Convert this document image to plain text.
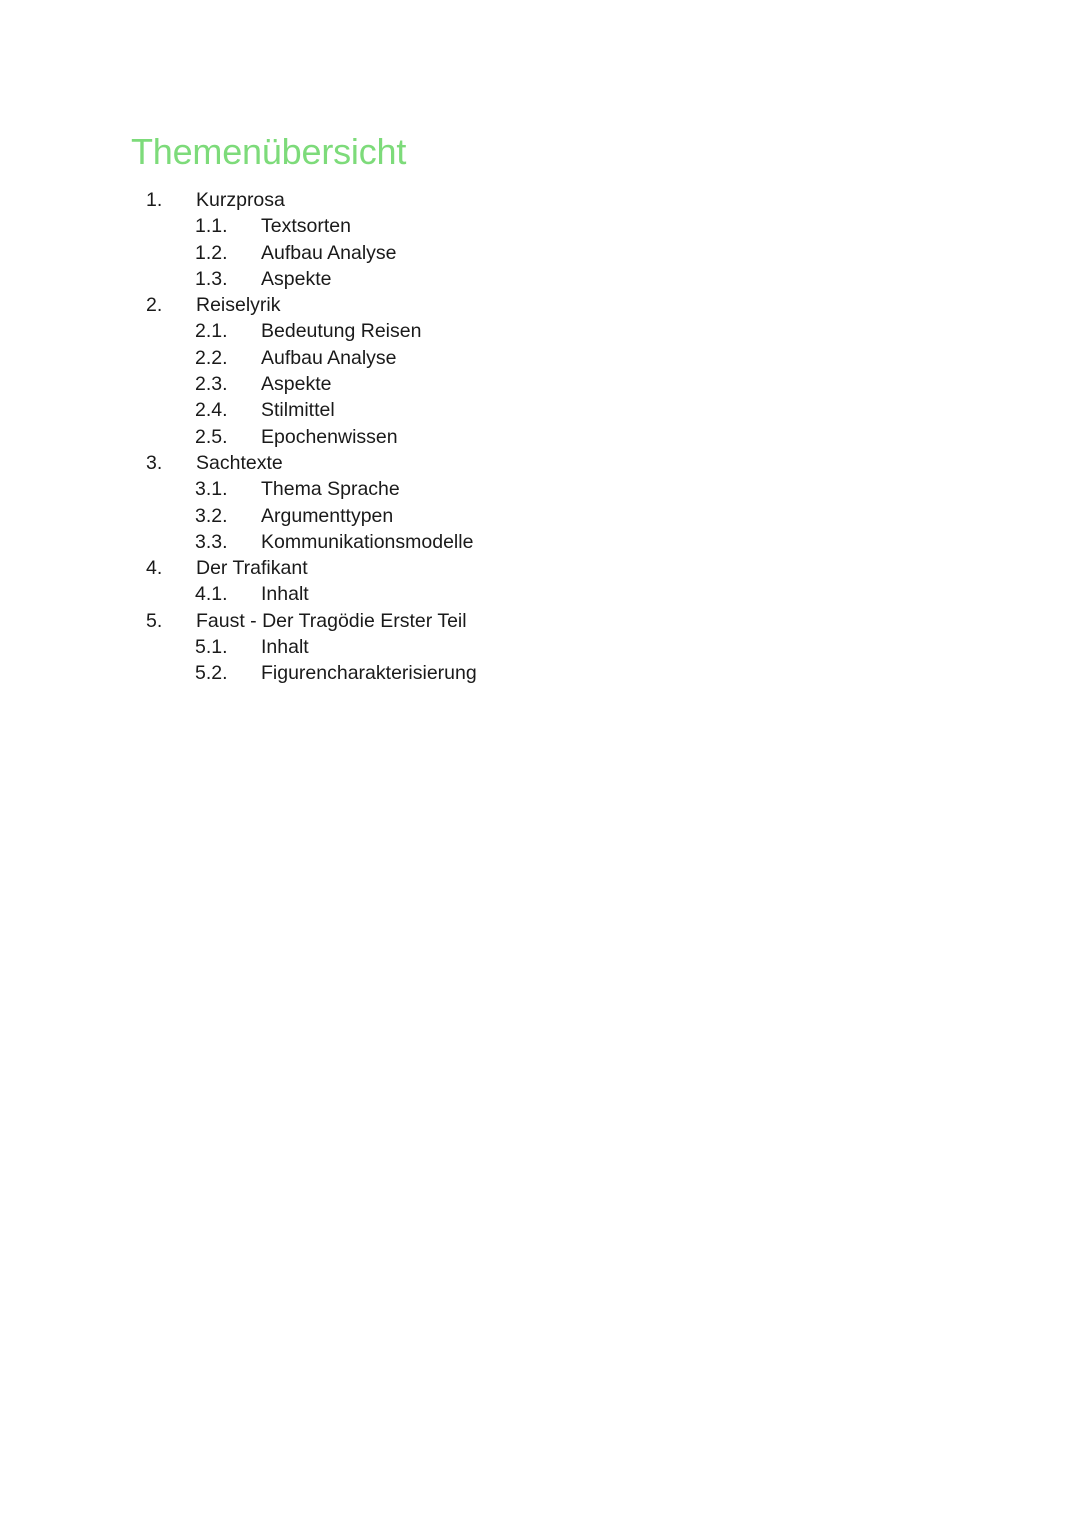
Themenübersicht
1. Kurzprosa
1.1. Textsorten
1.2. Aufbau Analyse
1.3. Aspekte
2. Reiselyrik
2.1. Bedeutung Reisen
2.2. Aufbau Analyse
2.3. Aspekte
2.4. Stilmittel
2.5. Epochenwissen
3. Sachtexte
3.1. Thema Sprache
3.2. Argumenttypen
3.3. Kommunikationsmodelle
4. Der Trafikant
4.1. Inhalt
5. Faust - Der Tragödie Erster Teil
5.1. Inhalt
5.2. Figurencharakterisierung
